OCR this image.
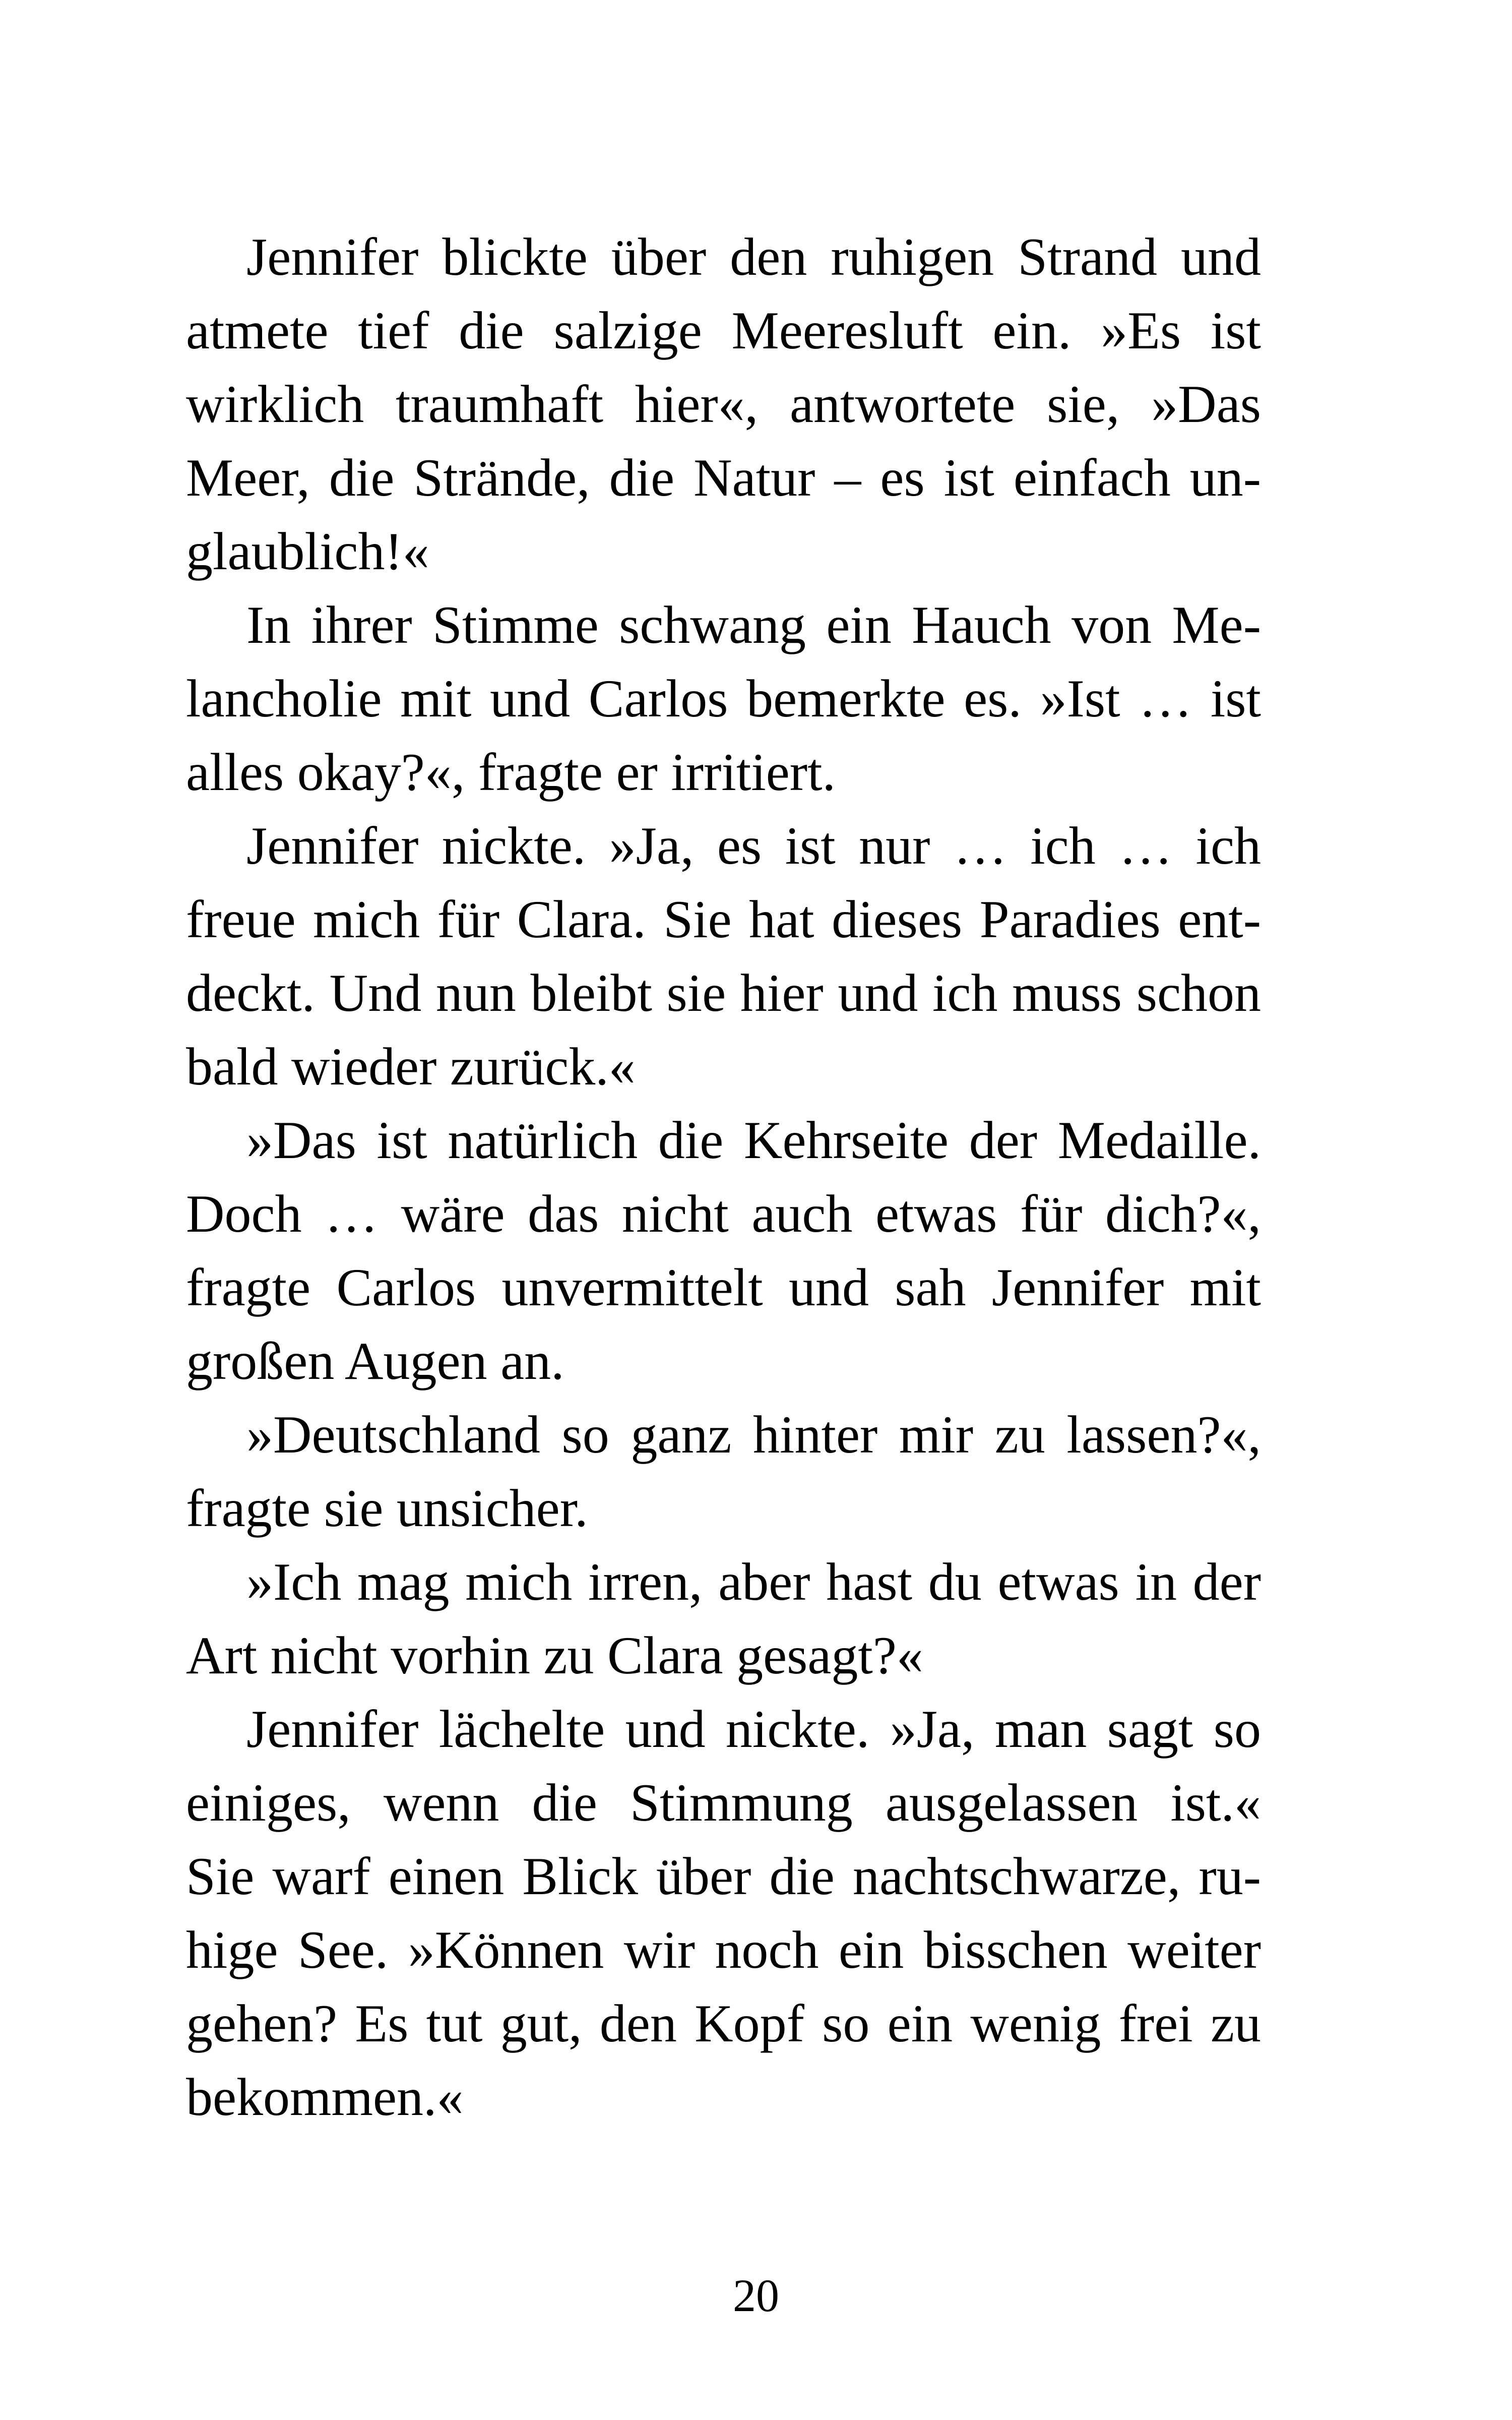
Jennifer blickte über den ruhigen Strand und
atmete tief die salzige Meeresluft ein. »Es ist
wirklich traumhaft hier«, antwortete sie, »Das
Meer, die Strände, die Natur – es ist einfach un-
glaublich!«
In ihrer Stimme schwang ein Hauch von Me-
lancholie mit und Carlos bemerkte es. »Ist … ist
alles okay?«, fragte er irritiert.
Jennifer nickte. »Ja, es ist nur … ich … ich
freue mich für Clara. Sie hat dieses Paradies ent-
deckt. Und nun bleibt sie hier und ich muss schon
bald wieder zurück.«
»Das ist natürlich die Kehrseite der Medaille.
Doch … wäre das nicht auch etwas für dich?«,
fragte Carlos unvermittelt und sah Jennifer mit
großen Augen an.
»Deutschland so ganz hinter mir zu lassen?«,
fragte sie unsicher.
»Ich mag mich irren, aber hast du etwas in der
Art nicht vorhin zu Clara gesagt?«
Jennifer lächelte und nickte. »Ja, man sagt so
einiges, wenn die Stimmung ausgelassen ist.«
Sie warf einen Blick über die nachtschwarze, ru-
hige See. »Können wir noch ein bisschen weiter
gehen? Es tut gut, den Kopf so ein wenig frei zu
bekommen.«
20
